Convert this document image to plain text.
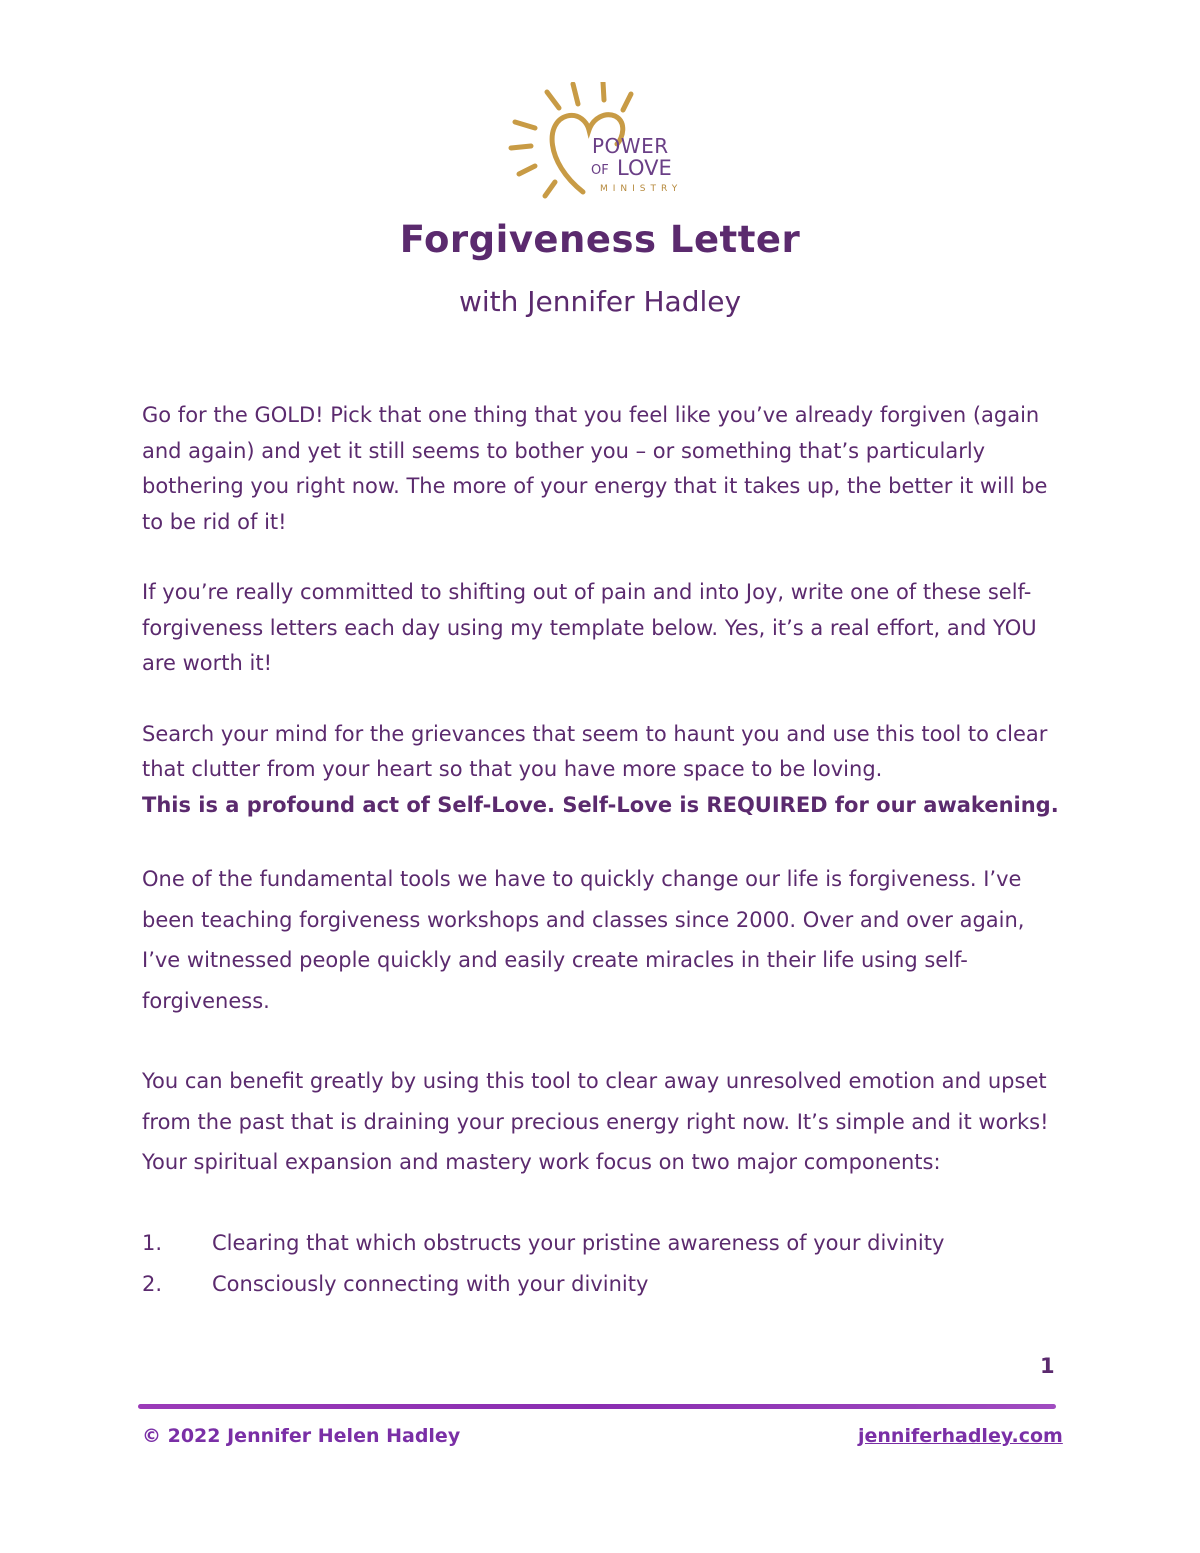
POWER
OF LOVE
MINISTRY
Forgiveness Letter
with Jennifer Hadley

Go for the GOLD! Pick that one thing that you feel like you’ve already forgiven (again and again) and yet it still seems to bother you – or something that’s particularly bothering you right now. The more of your energy that it takes up, the better it will be to be rid of it!

If you’re really committed to shifting out of pain and into Joy, write one of these self-forgiveness letters each day using my template below. Yes, it’s a real effort, and YOU are worth it!

Search your mind for the grievances that seem to haunt you and use this tool to clear that clutter from your heart so that you have more space to be loving.
This is a profound act of Self-Love. Self-Love is REQUIRED for our awakening.

One of the fundamental tools we have to quickly change our life is forgiveness. I’ve been teaching forgiveness workshops and classes since 2000. Over and over again, I’ve witnessed people quickly and easily create miracles in their life using self-forgiveness.

You can benefit greatly by using this tool to clear away unresolved emotion and upset from the past that is draining your precious energy right now. It’s simple and it works! Your spiritual expansion and mastery work focus on two major components:

1.	Clearing that which obstructs your pristine awareness of your divinity
2.	Consciously connecting with your divinity
1
© 2022 Jennifer Helen Hadley	jenniferhadley.com
